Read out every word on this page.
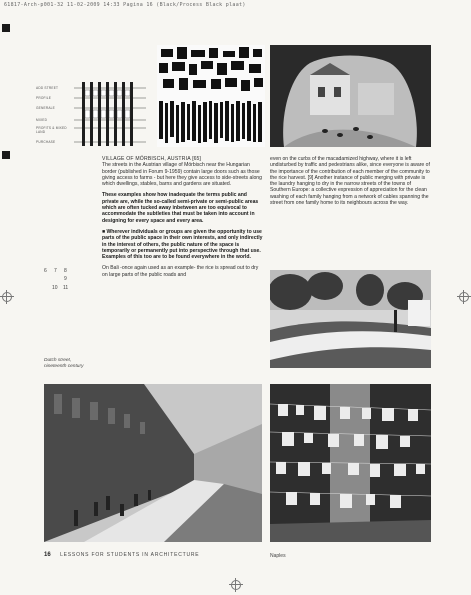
61817-Arch-p001-32 11-02-2009 14:33 Pagina 16 (Black/Process Black plaat)
ADD STREET
PROFILE
GENERALE
MIXED
PROFITS & MIXED
LAND
PURCHASE

VILLAGE OF MÖRBISCH, AUSTRIA [65]
The streets in the Austrian village of Mörbisch near the Hungarian border (published in Forum 9-1959) contain large doors such as those giving access to farms - but here they give access to side-streets along which dwellings, stables, barns and gardens are situated.

These examples show how inadequate the terms public and private are, while the so-called semi-private or semi-public areas which are often tucked away inbetween are too equivocal to accommodate the subtleties that must be taken into account in designing for every space and every area.

■ Wherever individuals or groups are given the opportunity to use parts of the public space in their own interests, and only indirectly in the interest of others, the public nature of the space is temporarily or permanently put into perspective through that use. Examples of this too are to be found everywhere in the world.

On Bali -once again used as an example- the rice is spread out to dry on large parts of the public roads and

6 7 8
9
10 11
Dutch street,
nineteenth century

even on the curbs of the macadamized highway, where it is left undisturbed by traffic and pedestrians alike, since everyone is aware of the importance of the contribution of each member of the community to the rice harvest. [9] Another instance of public merging with private is the laundry hanging to dry in the narrow streets of the towns of Southern Europe: a collective expression of appreciation for the clean washing of each family hanging from a network of cables spanning the street from one family home to its neighbours across the way.

16 LESSONS FOR STUDENTS IN ARCHITECTURE	Naples
